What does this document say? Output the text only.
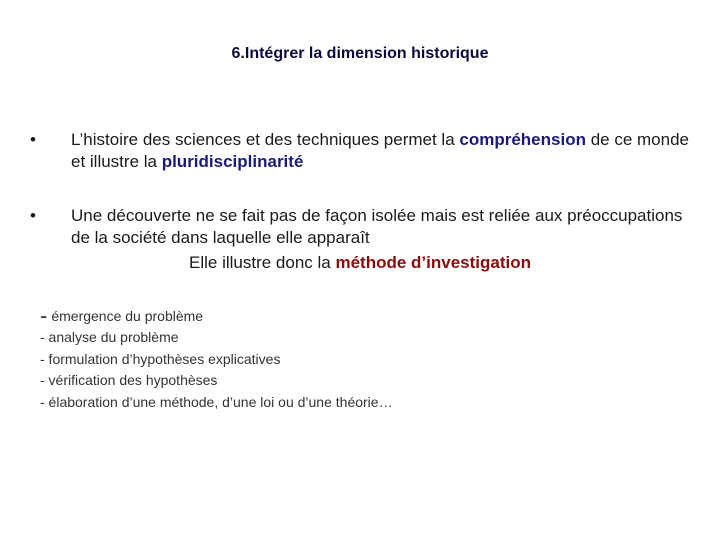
6.Intégrer la dimension historique
•	L’histoire des sciences et des techniques permet la compréhension de ce monde et illustre la pluridisciplinarité
•	Une découverte ne se fait pas de façon isolée mais est reliée aux préoccupations de la société dans laquelle elle apparaît
Elle illustre donc la méthode d’investigation
- émergence du problème
- analyse du problème
- formulation d’hypothèses explicatives
- vérification des hypothèses
- élaboration d’une méthode, d’une loi ou d’une théorie…
